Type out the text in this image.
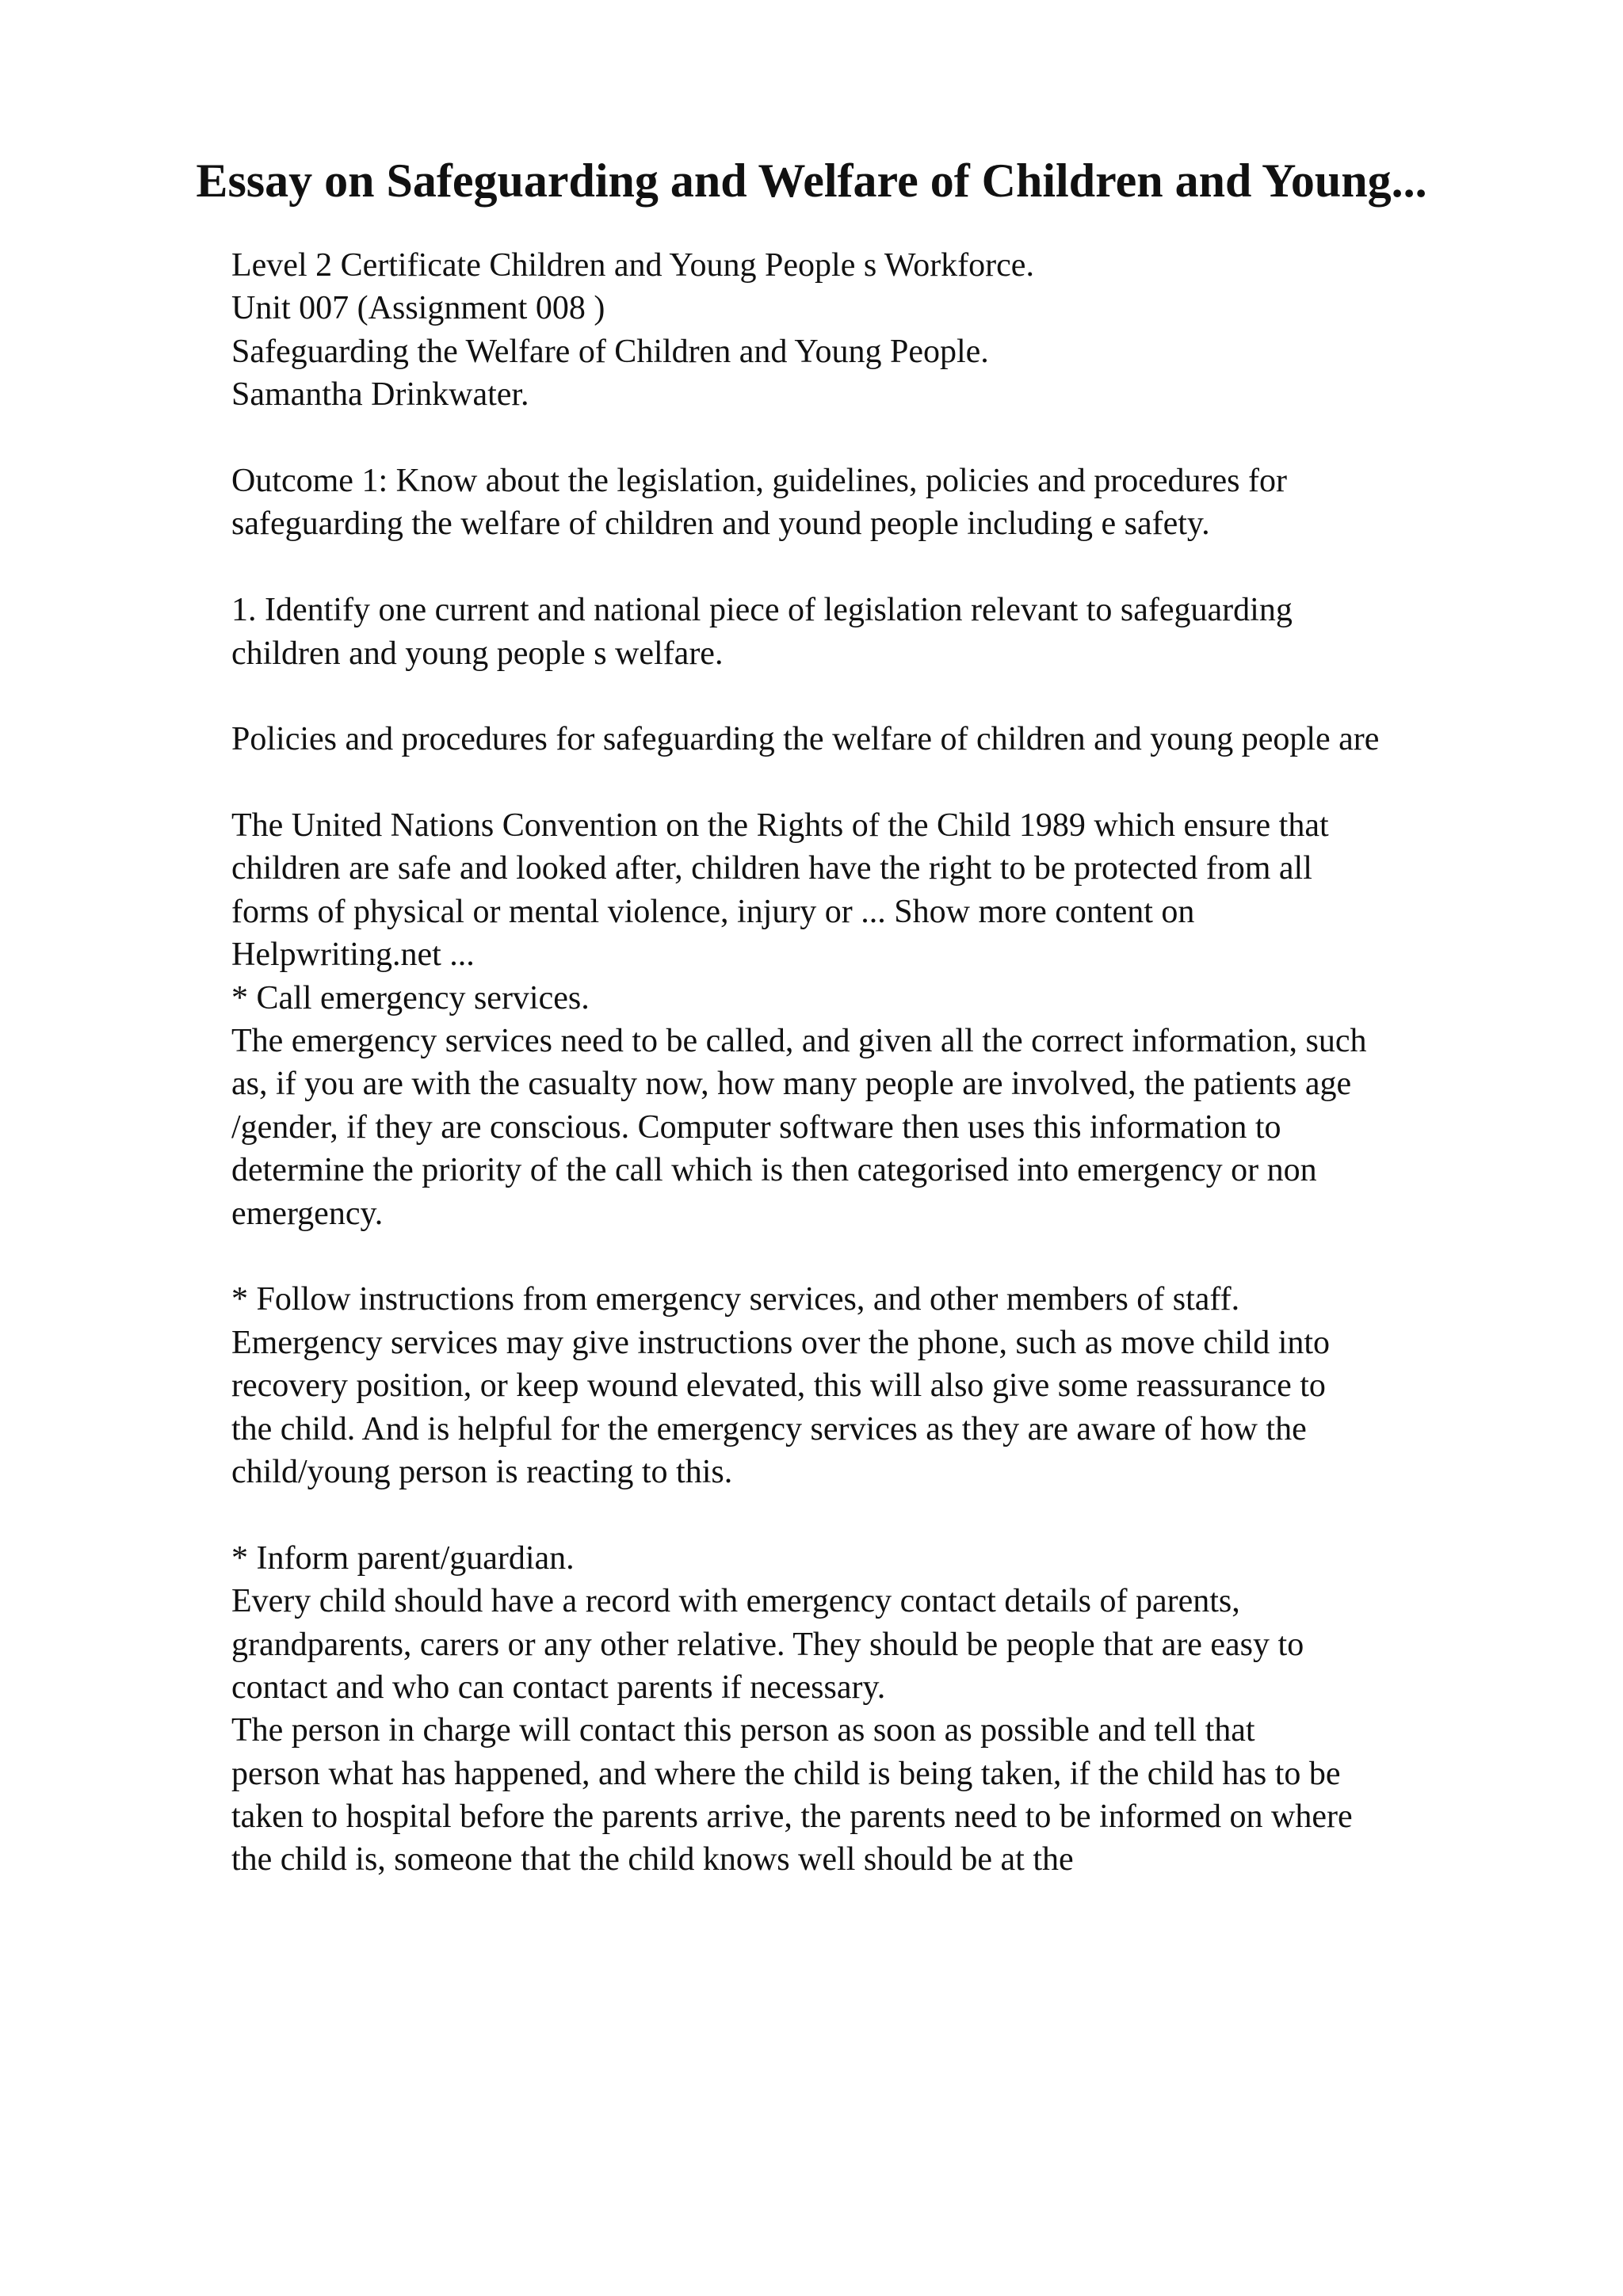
Essay on Safeguarding and Welfare of Children and Young...
Level 2 Certificate Children and Young People s Workforce.
Unit 007 (Assignment 008 )
Safeguarding the Welfare of Children and Young People.
Samantha Drinkwater.
Outcome 1: Know about the legislation, guidelines, policies and procedures for
safeguarding the welfare of children and yound people including e safety.
1. Identify one current and national piece of legislation relevant to safeguarding
children and young people s welfare.
Policies and procedures for safeguarding the welfare of children and young people are
The United Nations Convention on the Rights of the Child 1989 which ensure that
children are safe and looked after, children have the right to be protected from all
forms of physical or mental violence, injury or ... Show more content on
Helpwriting.net ...
* Call emergency services.
The emergency services need to be called, and given all the correct information, such
as, if you are with the casualty now, how many people are involved, the patients age
/gender, if they are conscious. Computer software then uses this information to
determine the priority of the call which is then categorised into emergency or non
emergency.
* Follow instructions from emergency services, and other members of staff.
Emergency services may give instructions over the phone, such as move child into
recovery position, or keep wound elevated, this will also give some reassurance to
the child. And is helpful for the emergency services as they are aware of how the
child/young person is reacting to this.
* Inform parent/guardian.
Every child should have a record with emergency contact details of parents,
grandparents, carers or any other relative. They should be people that are easy to
contact and who can contact parents if necessary.
The person in charge will contact this person as soon as possible and tell that
person what has happened, and where the child is being taken, if the child has to be
taken to hospital before the parents arrive, the parents need to be informed on where
the child is, someone that the child knows well should be at the
